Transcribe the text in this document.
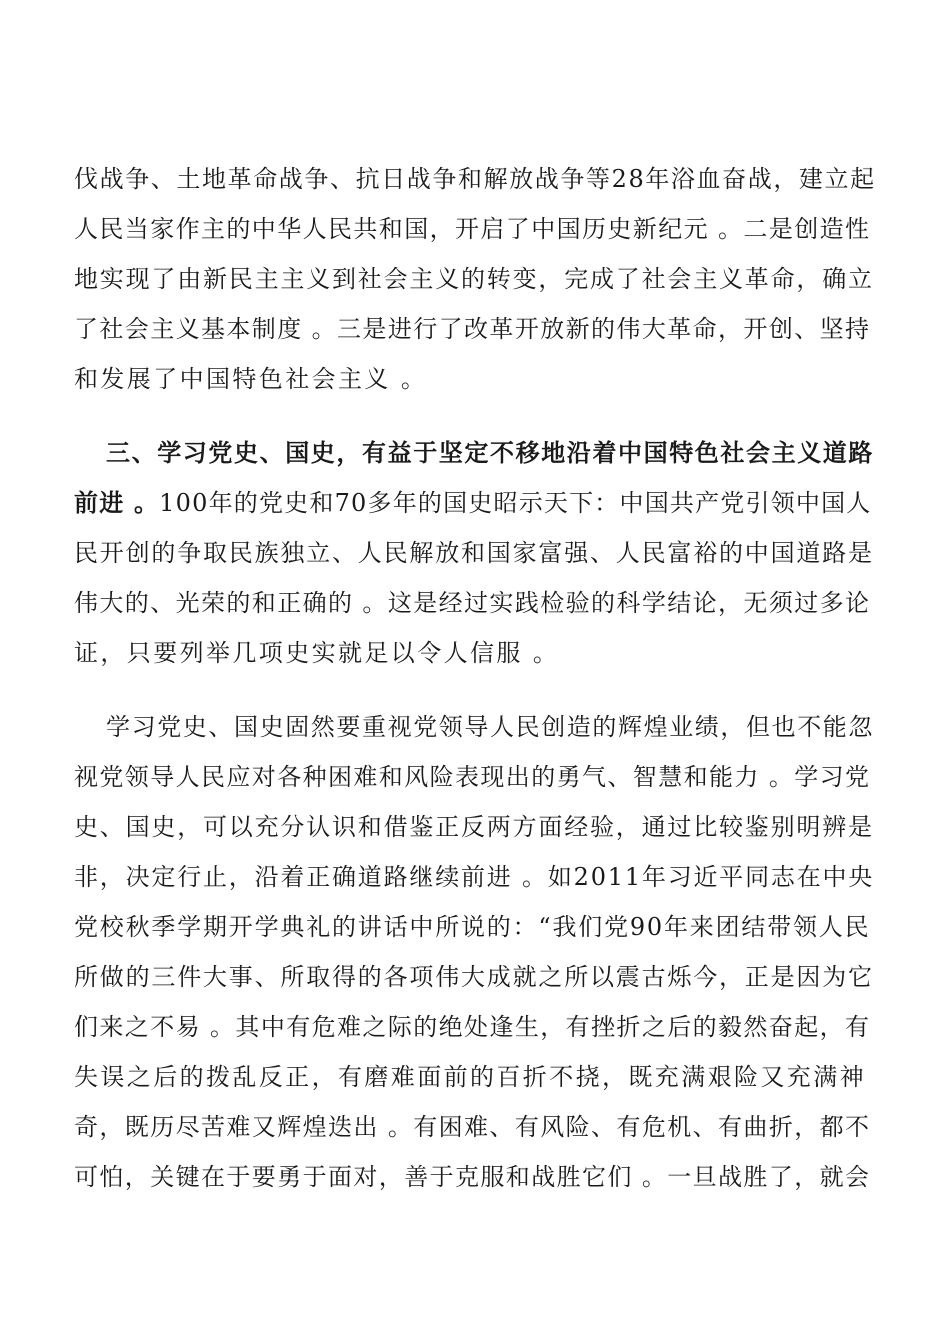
伐战争、土地革命战争、抗日战争和解放战争等28年浴血奋战，建立起
人民当家作主的中华人民共和国，开启了中国历史新纪元 。二是创造性
地实现了由新民主主义到社会主义的转变，完成了社会主义革命，确立
了社会主义基本制度 。三是进行了改革开放新的伟大革命，开创、坚持
和发展了中国特色社会主义 。
三、学习党史、国史，有益于坚定不移地沿着中国特色社会主义道路
前进 。100年的党史和70多年的国史昭示天下：中国共产党引领中国人
民开创的争取民族独立、人民解放和国家富强、人民富裕的中国道路是
伟大的、光荣的和正确的 。这是经过实践检验的科学结论，无须过多论
证，只要列举几项史实就足以令人信服 。
学习党史、国史固然要重视党领导人民创造的辉煌业绩，但也不能忽
视党领导人民应对各种困难和风险表现出的勇气、智慧和能力 。学习党
史、国史，可以充分认识和借鉴正反两方面经验，通过比较鉴别明辨是
非，决定行止，沿着正确道路继续前进 。如2011年习近平同志在中央
党校秋季学期开学典礼的讲话中所说的：“我们党90年来团结带领人民
所做的三件大事、所取得的各项伟大成就之所以震古烁今，正是因为它
们来之不易 。其中有危难之际的绝处逢生，有挫折之后的毅然奋起，有
失误之后的拨乱反正，有磨难面前的百折不挠，既充满艰险又充满神
奇，既历尽苦难又辉煌迭出 。有困难、有风险、有危机、有曲折，都不
可怕，关键在于要勇于面对，善于克服和战胜它们 。一旦战胜了，就会
